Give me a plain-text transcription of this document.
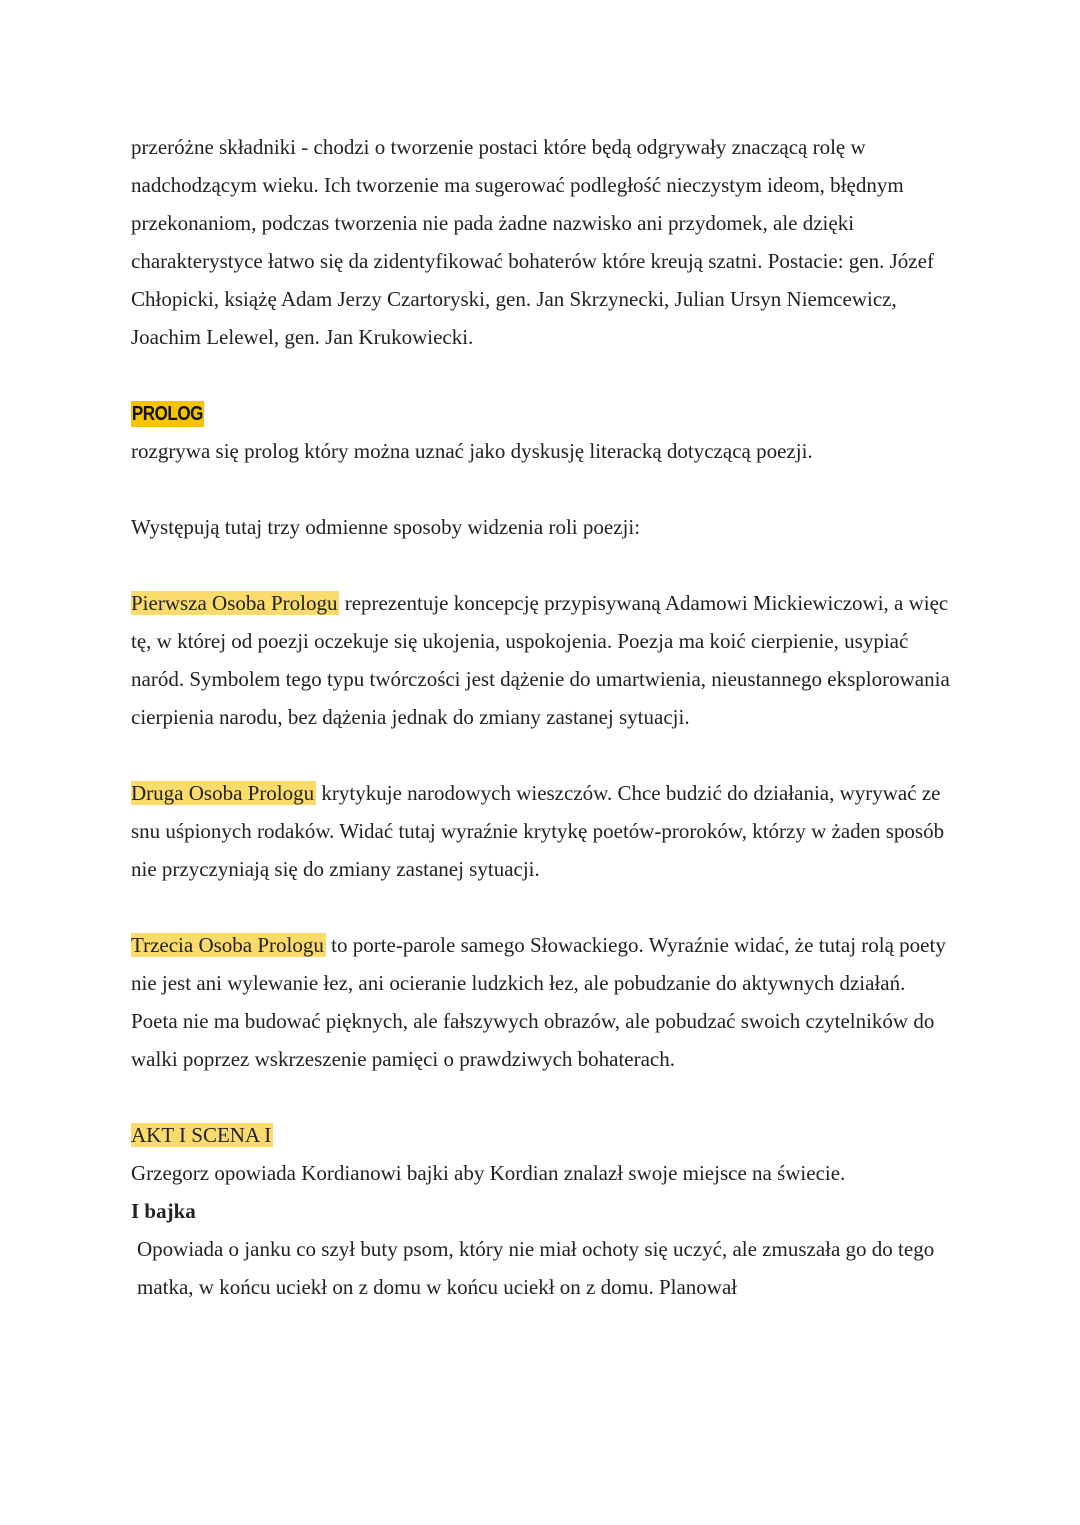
przeróżne składniki - chodzi o tworzenie postaci które będą odgrywały znaczącą rolę w nadchodzącym wieku. Ich tworzenie ma sugerować podległość nieczystym ideom, błędnym przekonaniom, podczas tworzenia nie pada żadne nazwisko ani przydomek, ale dzięki charakterystyce łatwo się da zidentyfikować bohaterów które kreują szatni. Postacie: gen. Józef Chłopicki, książę Adam Jerzy Czartoryski, gen. Jan Skrzynecki, Julian Ursyn Niemcewicz, Joachim Lelewel, gen. Jan Krukowiecki.

PROLOG

rozgrywa się prolog który można uznać jako dyskusję literacką dotyczącą poezji.

Występują tutaj trzy odmienne sposoby widzenia roli poezji:

Pierwsza Osoba Prologu reprezentuje koncepcję przypisywaną Adamowi Mickiewiczowi, a więc tę, w której od poezji oczekuje się ukojenia, uspokojenia. Poezja ma koić cierpienie, usypiać naród. Symbolem tego typu twórczości jest dążenie do umartwienia, nieustannego eksplorowania cierpienia narodu, bez dążenia jednak do zmiany zastanej sytuacji.

Druga Osoba Prologu krytykuje narodowych wieszczów. Chce budzić do działania, wyrywać ze snu uśpionych rodaków. Widać tutaj wyraźnie krytykę poetów-proroków, którzy w żaden sposób nie przyczyniają się do zmiany zastanej sytuacji.

Trzecia Osoba Prologu to porte-parole samego Słowackiego. Wyraźnie widać, że tutaj rolą poety nie jest ani wylewanie łez, ani ocieranie ludzkich łez, ale pobudzanie do aktywnych działań. Poeta nie ma budować pięknych, ale fałszywych obrazów, ale pobudzać swoich czytelników do walki poprzez wskrzeszenie pamięci o prawdziwych bohaterach.

AKT I SCENA I

Grzegorz opowiada Kordianowi bajki aby Kordian znalazł swoje miejsce na świecie.

I bajka

Opowiada o janku co szył buty psom, który nie miał ochoty się uczyć, ale zmuszała go do tego matka, w końcu uciekł on z domu w końcu uciekł on z domu. Planował
